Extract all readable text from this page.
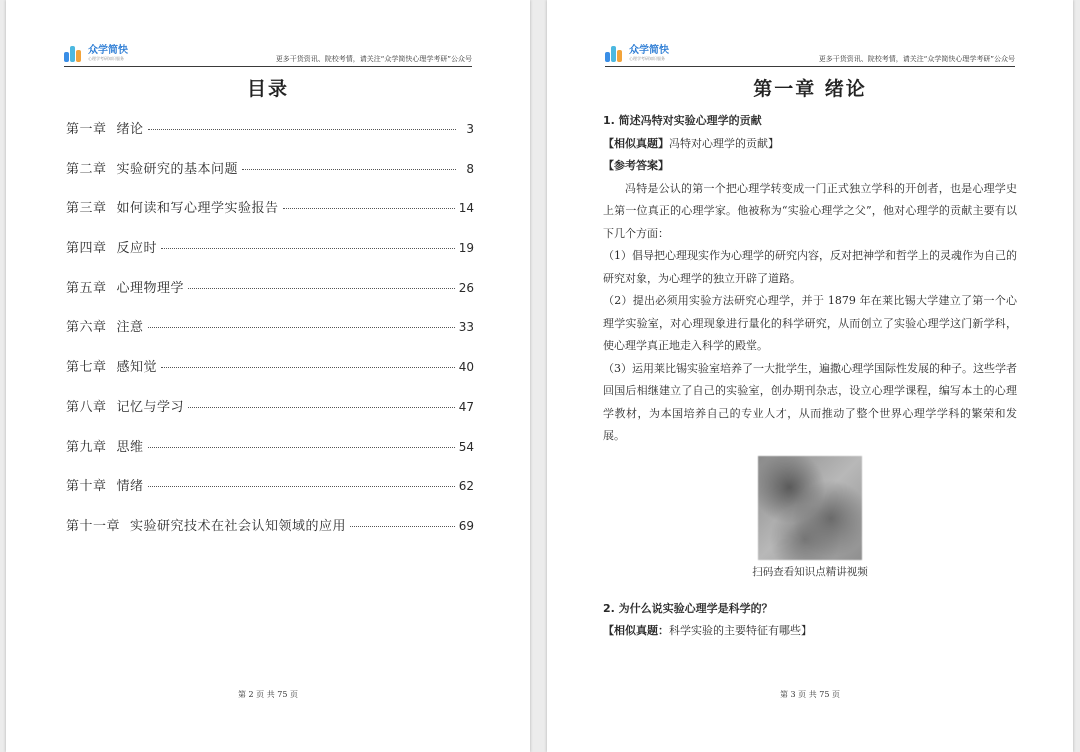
众学简快
心理学考研知识服务	更多干货资讯、院校考情，请关注“众学简快心理学考研”公众号
目录
第一章 绪论	3
第二章 实验研究的基本问题	8
第三章 如何读和写心理学实验报告	14
第四章 反应时	19
第五章 心理物理学	26
第六章 注意	33
第七章 感知觉	40
第八章 记忆与学习	47
第九章 思维	54
第十章 情绪	62
第十一章 实验研究技术在社会认知领域的应用	69
第 2 页 共 75 页
众学简快
心理学考研知识服务	更多干货资讯、院校考情，请关注“众学简快心理学考研”公众号
第一章 绪论
1. 简述冯特对实验心理学的贡献
【相似真题】冯特对心理学的贡献】
【参考答案】
冯特是公认的第一个把心理学转变成一门正式独立学科的开创者，也是心理学史上第一位真正的心理学家。他被称为“实验心理学之父”，他对心理学的贡献主要有以下几个方面：
（1）倡导把心理现实作为心理学的研究内容，反对把神学和哲学上的灵魂作为自己的研究对象，为心理学的独立开辟了道路。
（2）提出必须用实验方法研究心理学，并于 1879 年在莱比锡大学建立了第一个心理学实验室，对心理现象进行量化的科学研究，从而创立了实验心理学这门新学科，使心理学真正地走入科学的殿堂。
（3）运用莱比锡实验室培养了一大批学生，遍撒心理学国际性发展的种子。这些学者回国后相继建立了自己的实验室，创办期刊杂志，设立心理学课程，编写本土的心理学教材，为本国培养自己的专业人才，从而推动了整个世界心理学学科的繁荣和发展。
扫码查看知识点精讲视频
2. 为什么说实验心理学是科学的？
【相似真题：科学实验的主要特征有哪些】
第 3 页 共 75 页
